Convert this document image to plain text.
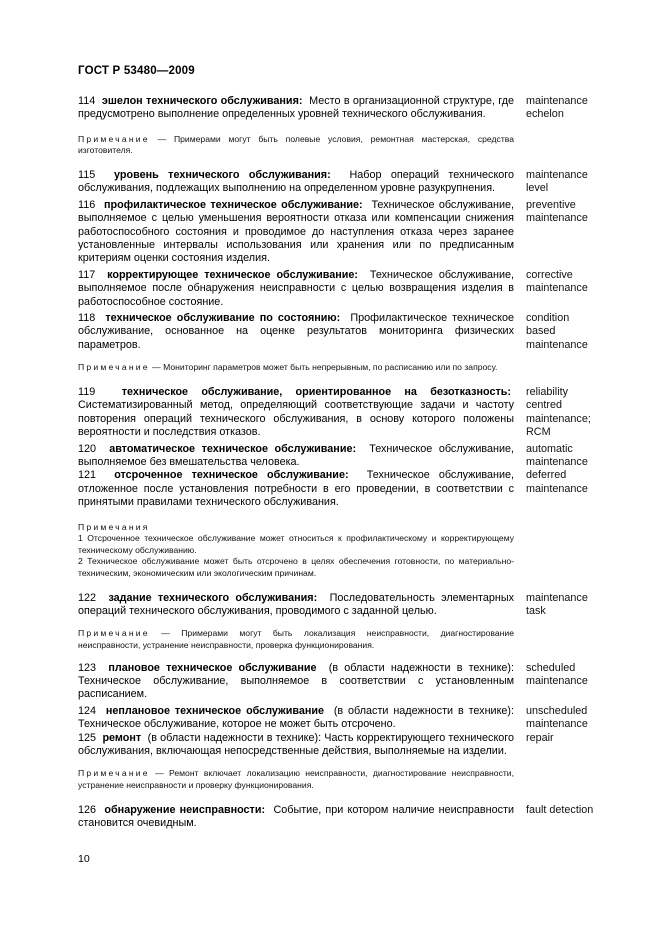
ГОСТ Р 53480—2009
114 эшелон технического обслуживания: Место в организационной структуре, где предусмотрено выполнение определенных уровней технического обслуживания.
maintenance
echelon
Примечание — Примерами могут быть полевые условия, ремонтная мастерская, средства изготовителя.
115 уровень технического обслуживания: Набор операций технического обслуживания, подлежащих выполнению на определенном уровне разукрупнения.
maintenance
level
116 профилактическое техническое обслуживание: Техническое обслуживание, выполняемое с целью уменьшения вероятности отказа или компенсации снижения работоспособного состояния и проводимое до наступления отказа через заранее установленные интервалы использования или хранения или по предписанным критериям оценки состояния изделия.
preventive
maintenance
117 корректирующее техническое обслуживание: Техническое обслуживание, выполняемое после обнаружения неисправности с целью возвращения изделия в работоспособное состояние.
corrective
maintenance
118 техническое обслуживание по состоянию: Профилактическое техническое обслуживание, основанное на оценке результатов мониторинга физических параметров.
condition
based
maintenance
Примечание — Мониторинг параметров может быть непрерывным, по расписанию или по запросу.
119 техническое обслуживание, ориентированное на безотказность:  Систематизированный метод, определяющий соответствующие задачи и частоту повторения операций технического обслуживания, в основу которого положены вероятности и последствия отказов.
reliability
centred
maintenance;
RCM
120 автоматическое техническое обслуживание: Техническое обслуживание, выполняемое без вмешательства человека.
automatic
maintenance
121 отсроченное техническое обслуживание: Техническое обслуживание, отложенное после установления потребности в его проведении, в соответствии с принятыми правилами технического обслуживания.
deferred
maintenance
Примечания
1 Отсроченное техническое обслуживание может относиться к профилактическому и корректирующему техническому обслуживанию.
2 Техническое обслуживание может быть отсрочено в целях обеспечения готовности, по материально-техническим, экономическим или экологическим причинам.
122 задание технического обслуживания: Последовательность элементарных операций технического обслуживания, проводимого с заданной целью.
maintenance
task
Примечание — Примерами могут быть локализация неисправности, диагностирование неисправности, устранение неисправности, проверка функционирования.
123 плановое техническое обслуживание (в области надежности в технике): Техническое обслуживание, выполняемое в соответствии с установленным расписанием.
scheduled
maintenance
124 неплановое техническое обслуживание (в области надежности в технике): Техническое обслуживание, которое не может быть отсрочено.
unscheduled
maintenance
125 ремонт (в области надежности в технике): Часть корректирующего технического обслуживания, включающая непосредственные действия, выполняемые на изделии.
repair
Примечание — Ремонт включает локализацию неисправности, диагностирование неисправности, устранение неисправности и проверку функционирования.
126 обнаружение неисправности: Событие, при котором наличие неисправности становится очевидным.
fault detection
10
